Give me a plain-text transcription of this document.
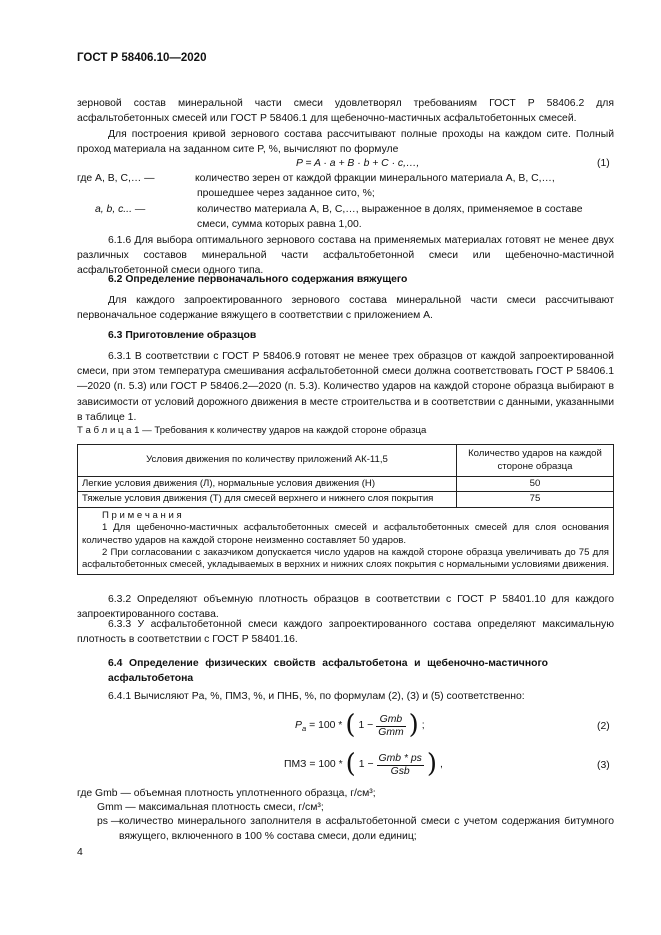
ГОСТ Р 58406.10—2020
зерновой состав минеральной части смеси удовлетворял требованиям ГОСТ Р 58406.2 для асфальтобетонных смесей или ГОСТ Р 58406.1 для щебеночно-мастичных асфальтобетонных смесей.
Для построения кривой зернового состава рассчитывают полные проходы на каждом сите. Полный проход материала на заданном сите P, %, вычисляют по формуле
P = A · a + B · b + C · c,…,	(1)
где A, B, C,… —	количество зерен от каждой фракции минерального материала A, B, C,…, прошедшее через заданное сито, %;
a, b, c... —	количество материала A, B, C,…, выраженное в долях, применяемое в составе смеси, сумма которых равна 1,00.
6.1.6 Для выбора оптимального зернового состава на применяемых материалах готовят не менее двух различных составов минеральной части асфальтобетонной смеси или щебеночно-мастичной асфальтобетонной смеси одного типа.
6.2 Определение первоначального содержания вяжущего
Для каждого запроектированного зернового состава минеральной части смеси рассчитывают первоначальное содержание вяжущего в соответствии с приложением А.
6.3 Приготовление образцов
6.3.1 В соответствии с ГОСТ Р 58406.9 готовят не менее трех образцов от каждой запроектированной смеси, при этом температура смешивания асфальтобетонной смеси должна соответствовать ГОСТ Р 58406.1—2020 (п. 5.3) или ГОСТ Р 58406.2—2020 (п. 5.3). Количество ударов на каждой стороне образца выбирают в зависимости от условий дорожного движения в месте строительства и в соответствии с данными, указанными в таблице 1.
Т а б л и ц а 1 — Требования к количеству ударов на каждой стороне образца
Условия движения по количеству приложений АК-11,5	Количество ударов на каждой стороне образца
Легкие условия движения (Л), нормальные условия движения (Н)	50
Тяжелые условия движения (Т) для смесей верхнего и нижнего слоя покрытия	75

П р и м е ч а н и я
1 Для щебеночно-мастичных асфальтобетонных смесей и асфальтобетонных смесей для слоя основания количество ударов на каждой стороне неизменно составляет 50 ударов.
2 При согласовании с заказчиком допускается число ударов на каждой стороне образца увеличивать до 75 для асфальтобетонных смесей, укладываемых в верхних и нижних слоях покрытия с нормальными условиями движения.	
6.3.2 Определяют объемную плотность образцов в соответствии с ГОСТ Р 58401.10 для каждого запроектированного состава.
6.3.3 У асфальтобетонной смеси каждого запроектированного состава определяют максимальную плотность в соответствии с ГОСТ Р 58401.16.
6.4 Определение физических свойств асфальтобетона и щебеночно-мастичного асфальтобетона
6.4.1 Вычисляют Pa, %, ПМЗ, %, и ПНБ, %, по формулам (2), (3) и (5) соответственно:
$P_a = 100$ * ( $1 - \frac{\text{Gmb}}{\text{Gmm}}$ ) ;	(2)
ПМЗ = 100 * ( $1 - \frac{\text{Gmb * ps}}{\text{Gsb}}$ ) ,	(3)
где Gmb — объемная плотность уплотненного образца, г/см³;
Gmm — максимальная плотность смеси, г/см³;
ps —
количество минерального заполнителя в асфальтобетонной смеси с учетом содержания битумного вяжущего, включенного в 100 % состава смеси, доли единиц;
4
